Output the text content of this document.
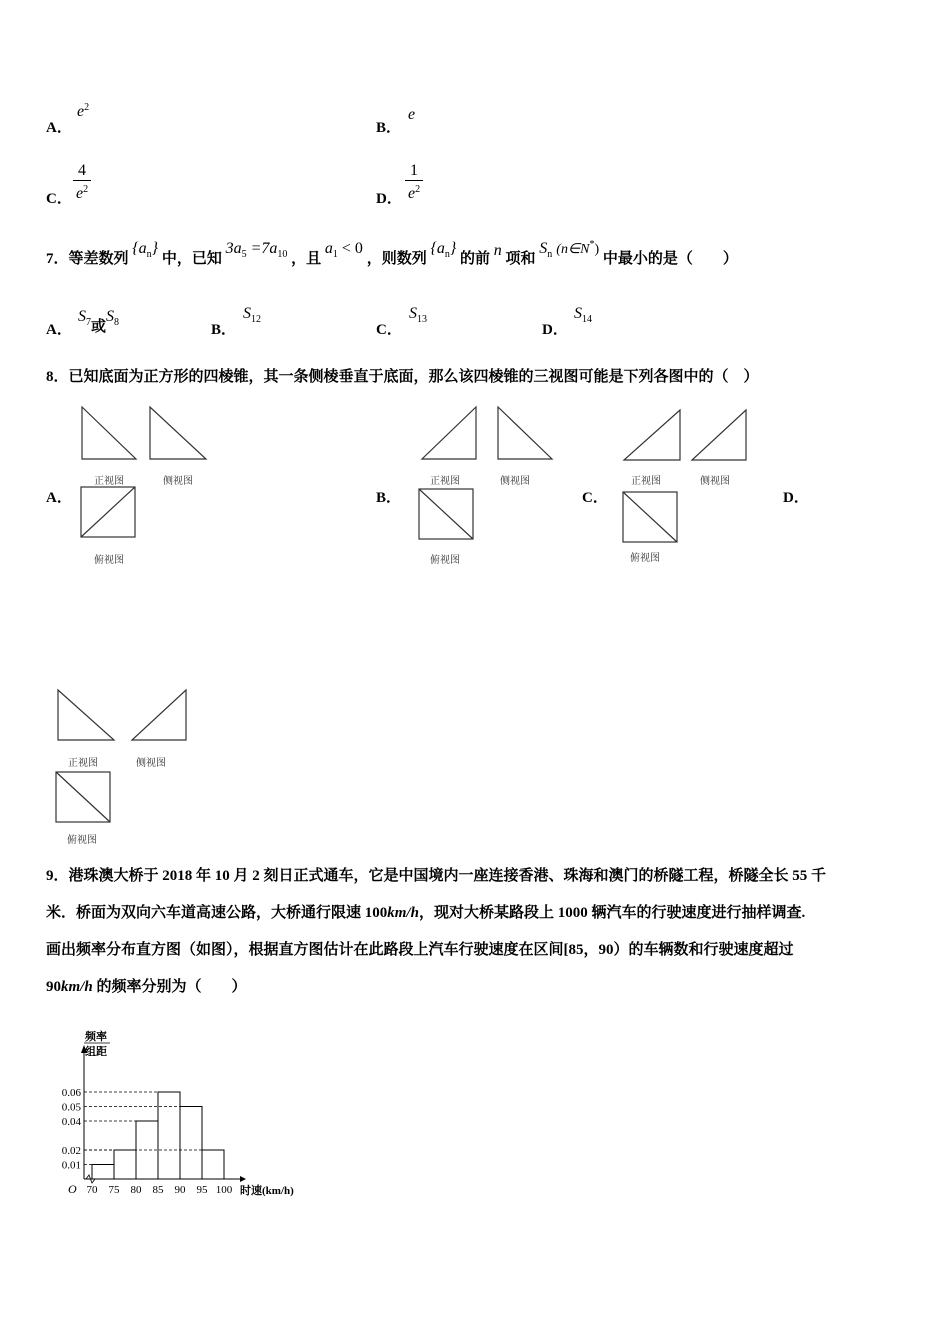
A．
$e^2$
B．
e
C． $\frac{4}{e^2}$	D． $\frac{1}{e^2}$
7．等差数列 $\{a_n\}$ 中，已知 $3a_5 =7a_{10}$ ，且 $a_1 < 0$ ，则数列 $\{a_n\}$ 的前 n 项和 $S_n$ (n∈N*) 中最小的是（　　）
A．
$S_7$或$S_8$	B．
$S_{12}$
C．
$S_{13}$
D．
$S_{14}$
8．已知底面为正方形的四棱锥，其一条侧棱垂直于底面，那么该四棱锥的三视图可能是下列各图中的（　）
A．
正视图	侧视图
俯视图
B．
正视图	侧视图
俯视图
C．
正视图	侧视图
俯视图
D．
正视图	侧视图
俯视图
9．港珠澳大桥于 2018 年 10 月 2 刻日正式通车，它是中国境内一座连接香港、珠海和澳门的桥隧工程，桥隧全长 55 千
米．桥面为双向六车道高速公路，大桥通行限速 100km/h，现对大桥某路段上 1000 辆汽车的行驶速度进行抽样调查.
画出频率分布直方图（如图），根据直方图估计在此路段上汽车行驶速度在区间[85，90）的车辆数和行驶速度超过
90km/h 的频率分别为（　　）
0.01
0.02
0.04
0.05
0.06
70 75 80 85 90 95 100
O
频率
组距
时速(km/h)
